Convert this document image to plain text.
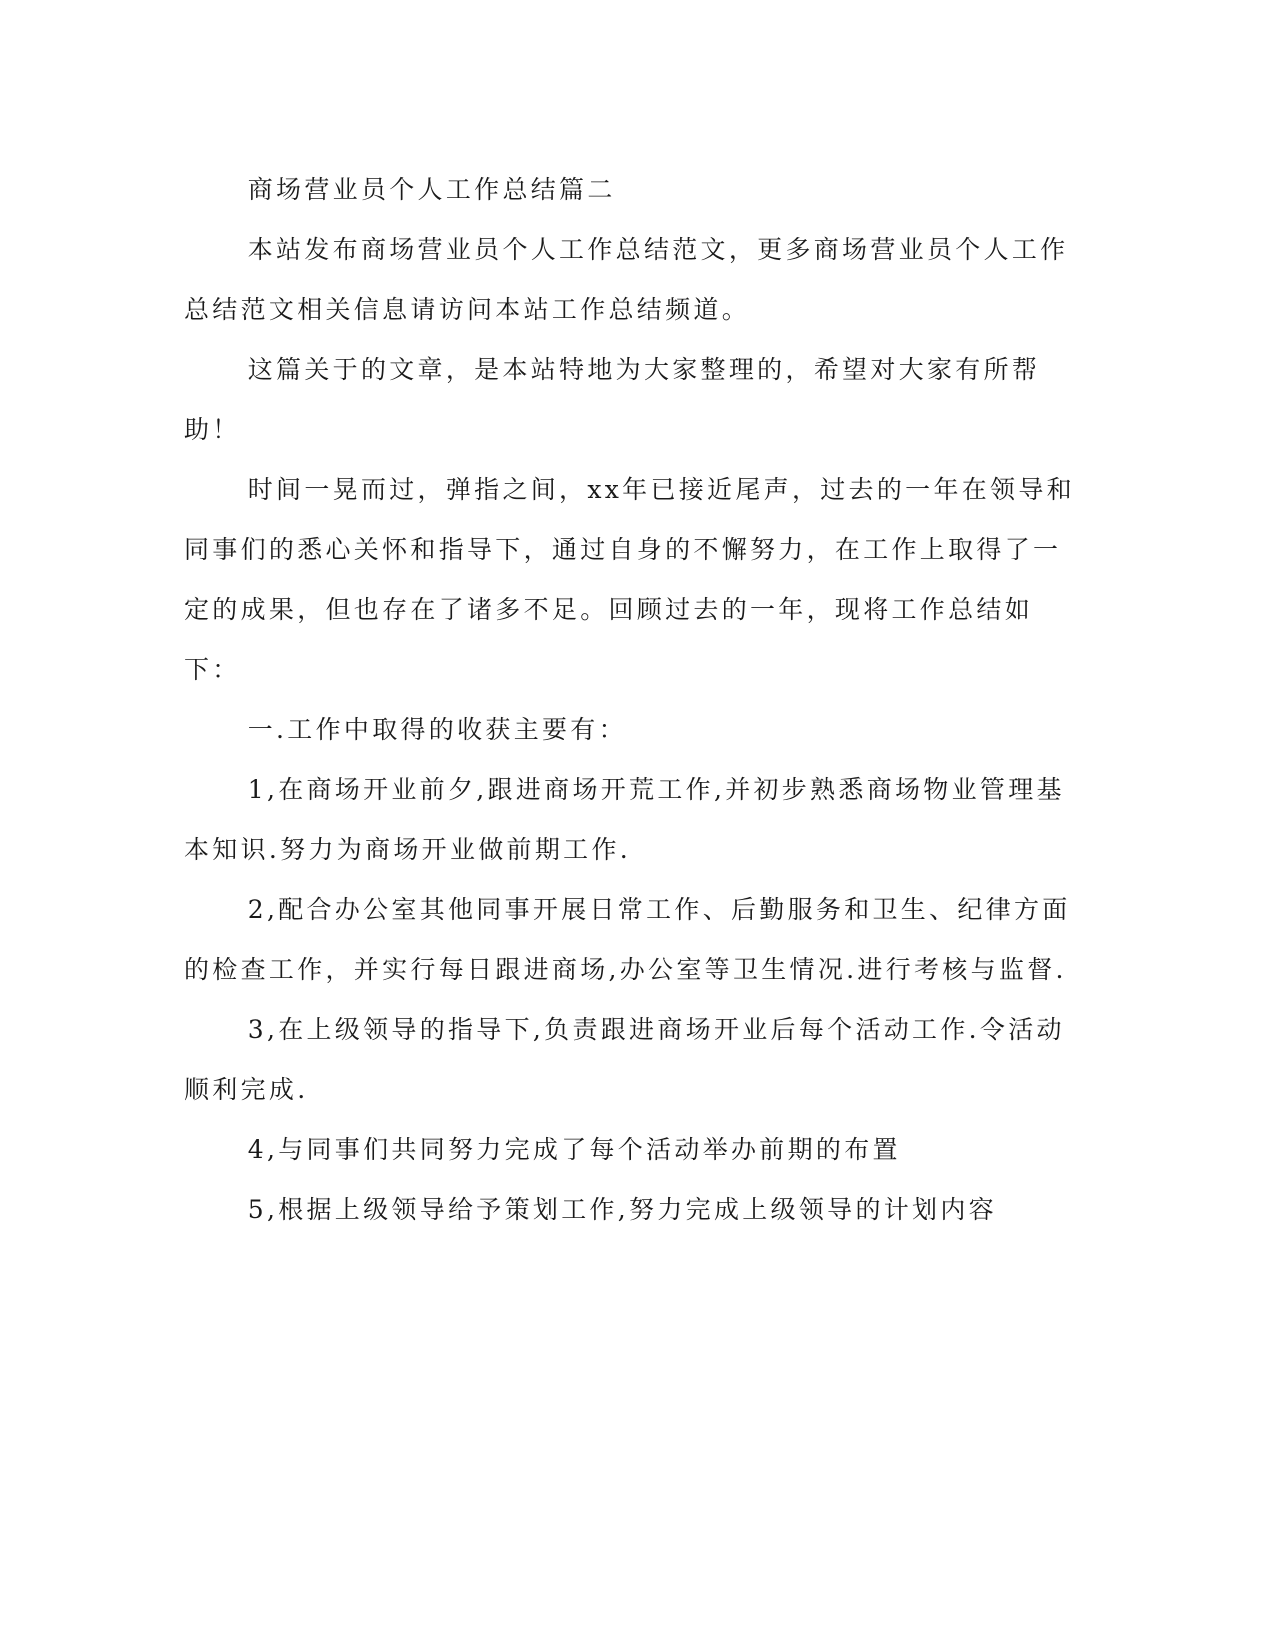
商场营业员个人工作总结篇二

本站发布商场营业员个人工作总结范文，更多商场营业员个人工作总结范文相关信息请访问本站工作总结频道。

这篇关于的文章，是本站特地为大家整理的，希望对大家有所帮助！

时间一晃而过，弹指之间，xx年已接近尾声，过去的一年在领导和同事们的悉心关怀和指导下，通过自身的不懈努力，在工作上取得了一定的成果，但也存在了诸多不足。回顾过去的一年，现将工作总结如下：

一.工作中取得的收获主要有：

1,在商场开业前夕,跟进商场开荒工作,并初步熟悉商场物业管理基本知识.努力为商场开业做前期工作.

2,配合办公室其他同事开展日常工作、后勤服务和卫生、纪律方面的检查工作，并实行每日跟进商场,办公室等卫生情况.进行考核与监督.

3,在上级领导的指导下,负责跟进商场开业后每个活动工作.令活动顺利完成.

4,与同事们共同努力完成了每个活动举办前期的布置

5,根据上级领导给予策划工作,努力完成上级领导的计划内容
